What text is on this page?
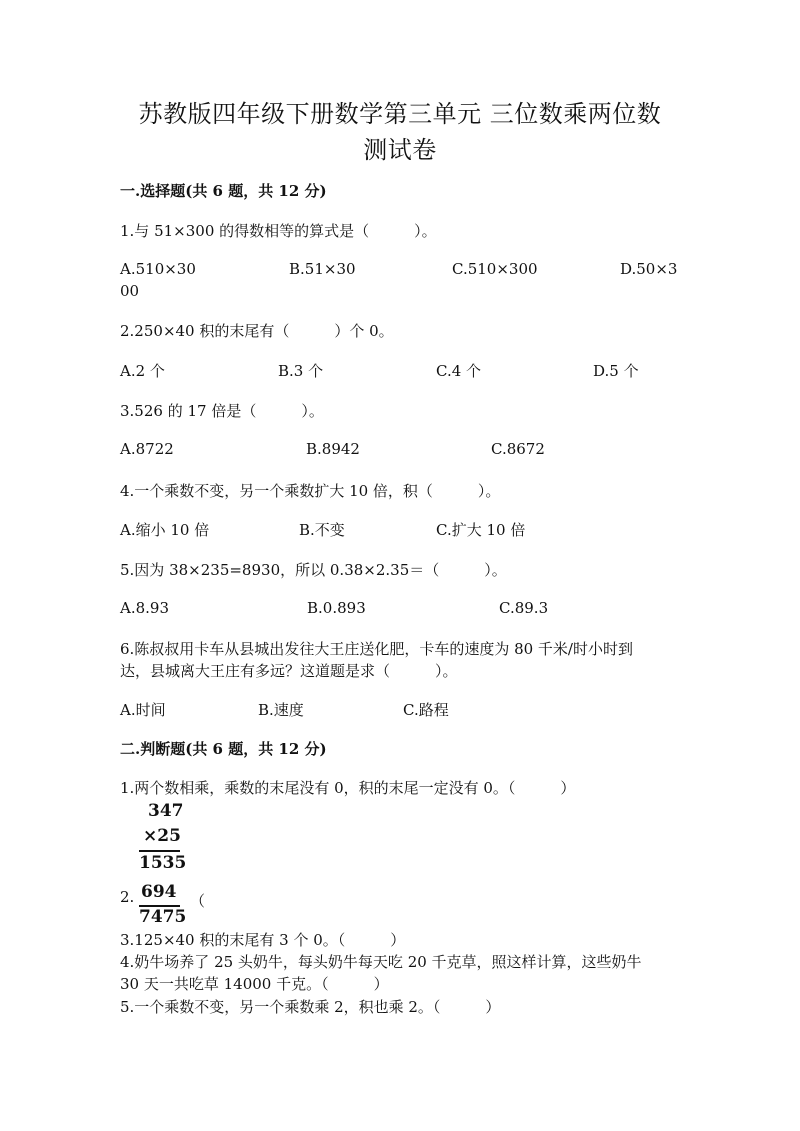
苏教版四年级下册数学第三单元 三位数乘两位数
测试卷
一.选择题(共 6 题，共 12 分)
1.与 51×300 的得数相等的算式是（　　　）。
A.510×30	B.51×30	C.510×300	D.50×3
00
2.250×40 积的末尾有（　　　）个 0。
A.2 个	B.3 个	C.4 个	D.5 个
3.526 的 17 倍是（　　　）。
A.8722	B.8942	C.8672
4.一个乘数不变，另一个乘数扩大 10 倍，积（　　　）。
A.缩小 10 倍	B.不变	C.扩大 10 倍
5.因为 38×235=8930，所以 0.38×2.35＝（　　　）。
A.8.93	B.0.893	C.89.3
6.陈叔叔用卡车从县城出发往大王庄送化肥，卡车的速度为 80 千米/时小时到
达，县城离大王庄有多远？这道题是求（　　　）。
A.时间	B.速度	C.路程
二.判断题(共 6 题，共 12 分)
1.两个数相乘，乘数的末尾没有 0，积的末尾一定没有 0。（　　　）
347
×25
1535
2. 694 （
7475
3.125×40 积的末尾有 3 个 0。（　　　）
4.奶牛场养了 25 头奶牛，每头奶牛每天吃 20 千克草，照这样计算，这些奶牛
30 天一共吃草 14000 千克。（　　　）
5.一个乘数不变，另一个乘数乘 2，积也乘 2。（　　　）
